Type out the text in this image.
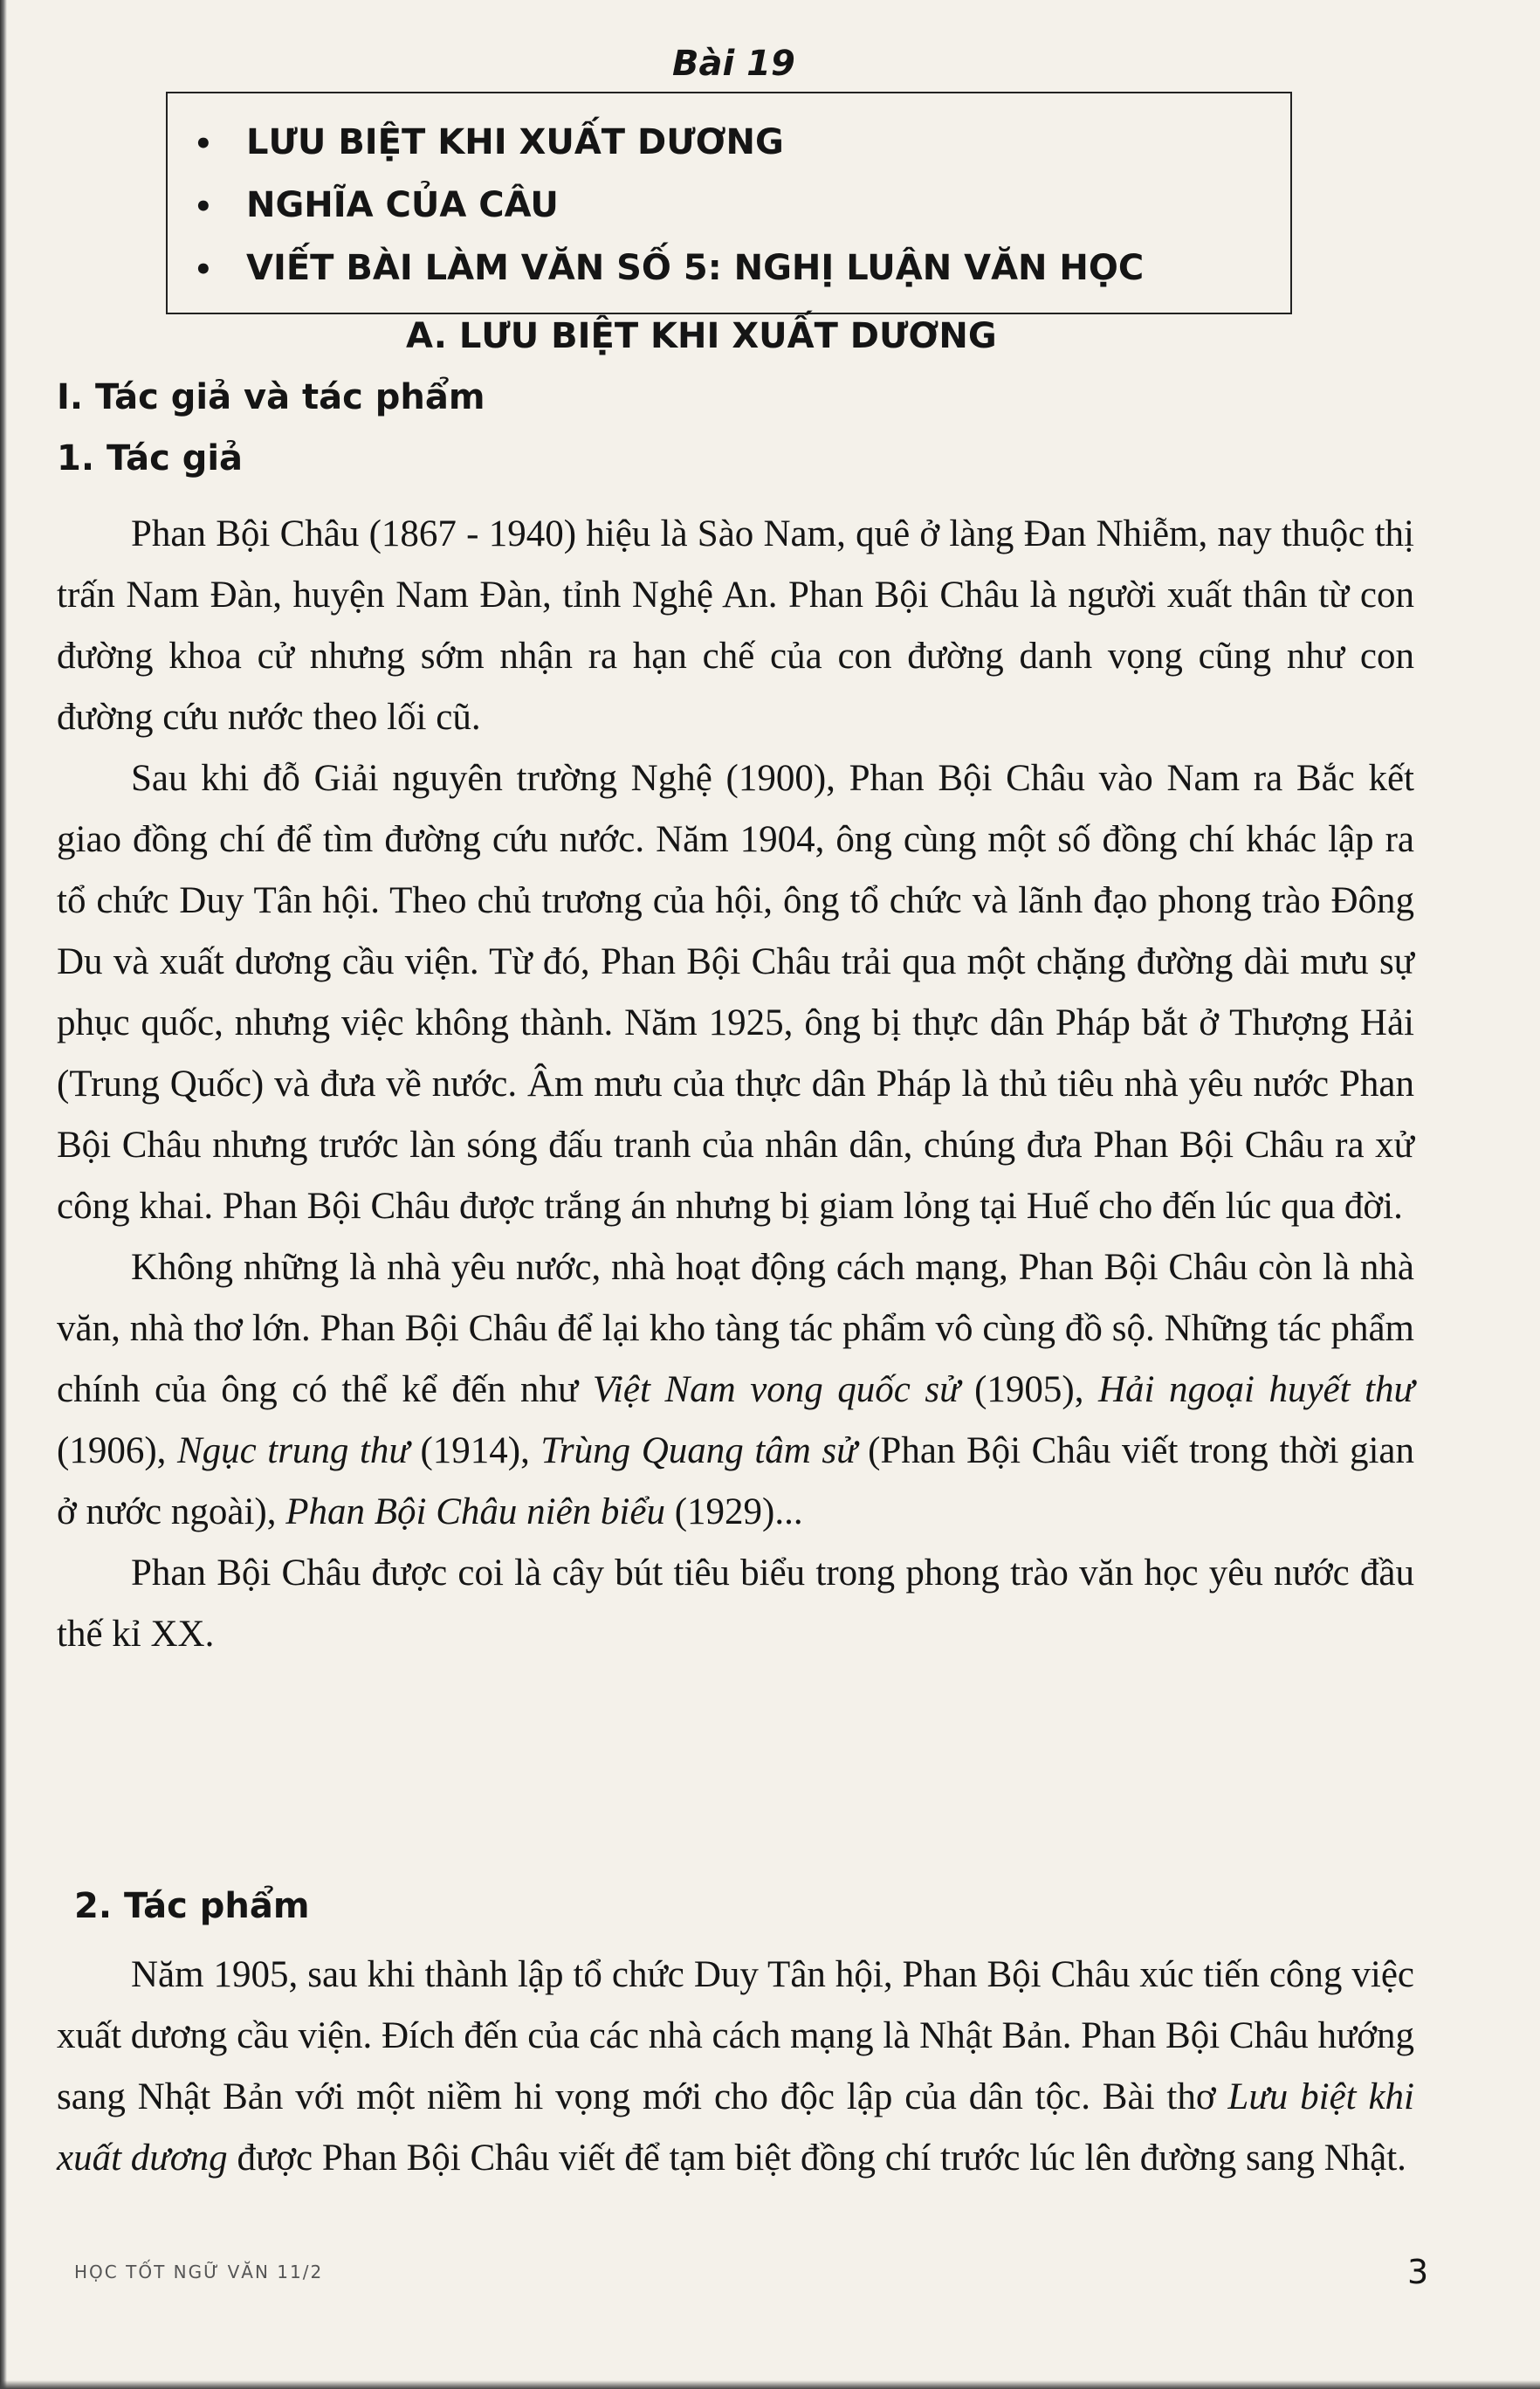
Bài 19
• LƯU BIỆT KHI XUẤT DƯƠNG
• NGHĨA CỦA CÂU
• VIẾT BÀI LÀM VĂN SỐ 5: NGHỊ LUẬN VĂN HỌC
A. LƯU BIỆT KHI XUẤT DƯƠNG
I. Tác giả và tác phẩm
1. Tác giả

Phan Bội Châu (1867 - 1940) hiệu là Sào Nam, quê ở làng Đan Nhiễm, nay thuộc thị trấn Nam Đàn, huyện Nam Đàn, tỉnh Nghệ An. Phan Bội Châu là người xuất thân từ con đường khoa cử nhưng sớm nhận ra hạn chế của con đường danh vọng cũng như con đường cứu nước theo lối cũ.

Sau khi đỗ Giải nguyên trường Nghệ (1900), Phan Bội Châu vào Nam ra Bắc kết giao đồng chí để tìm đường cứu nước. Năm 1904, ông cùng một số đồng chí khác lập ra tổ chức Duy Tân hội. Theo chủ trương của hội, ông tổ chức và lãnh đạo phong trào Đông Du và xuất dương cầu viện. Từ đó, Phan Bội Châu trải qua một chặng đường dài mưu sự phục quốc, nhưng việc không thành. Năm 1925, ông bị thực dân Pháp bắt ở Thượng Hải (Trung Quốc) và đưa về nước. Âm mưu của thực dân Pháp là thủ tiêu nhà yêu nước Phan Bội Châu nhưng trước làn sóng đấu tranh của nhân dân, chúng đưa Phan Bội Châu ra xử công khai. Phan Bội Châu được trắng án nhưng bị giam lỏng tại Huế cho đến lúc qua đời.

Không những là nhà yêu nước, nhà hoạt động cách mạng, Phan Bội Châu còn là nhà văn, nhà thơ lớn. Phan Bội Châu để lại kho tàng tác phẩm vô cùng đồ sộ. Những tác phẩm chính của ông có thể kể đến như Việt Nam vong quốc sử (1905), Hải ngoại huyết thư (1906), Ngục trung thư (1914), Trùng Quang tâm sử (Phan Bội Châu viết trong thời gian ở nước ngoài), Phan Bội Châu niên biểu (1929)...

Phan Bội Châu được coi là cây bút tiêu biểu trong phong trào văn học yêu nước đầu thế kỉ XX.

2. Tác phẩm

Năm 1905, sau khi thành lập tổ chức Duy Tân hội, Phan Bội Châu xúc tiến công việc xuất dương cầu viện. Đích đến của các nhà cách mạng là Nhật Bản. Phan Bội Châu hướng sang Nhật Bản với một niềm hi vọng mới cho độc lập của dân tộc. Bài thơ Lưu biệt khi xuất dương được Phan Bội Châu viết để tạm biệt đồng chí trước lúc lên đường sang Nhật.

HỌC TỐT NGỮ VĂN 11/2	3
